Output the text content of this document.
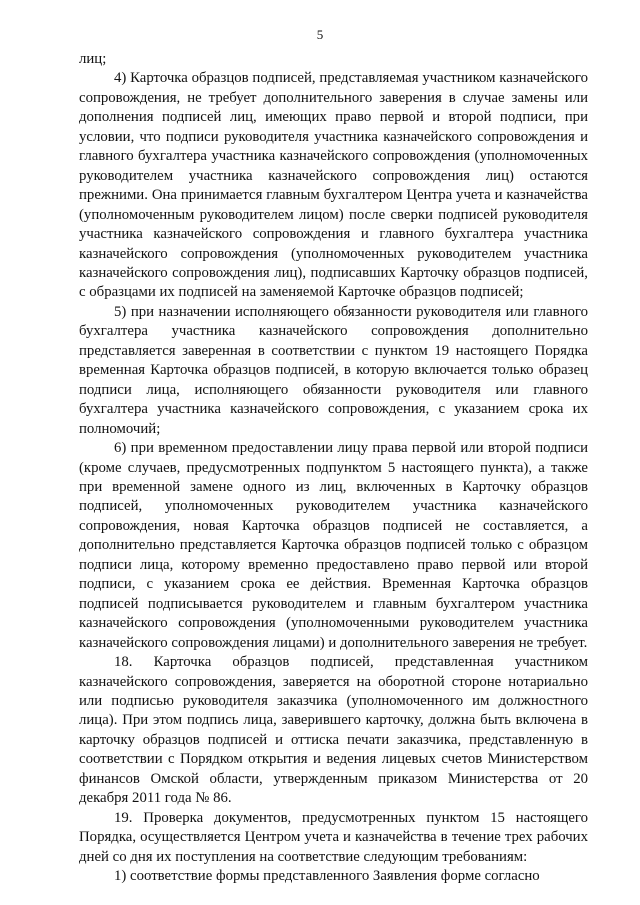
5

лиц;

4) Карточка образцов подписей, представляемая участником казначейского сопровождения, не требует дополнительного заверения в случае замены или дополнения подписей лиц, имеющих право первой и второй подписи, при условии, что подписи руководителя участника казначейского сопровождения и главного бухгалтера участника казначейского сопровождения (уполномоченных руководителем участника казначейского сопровождения лиц) остаются прежними. Она принимается главным бухгалтером Центра учета и казначейства (уполномоченным руководителем лицом) после сверки подписей руководителя участника казначейского сопровождения и главного бухгалтера участника казначейского сопровождения (уполномоченных руководителем участника казначейского сопровождения лиц), подписавших Карточку образцов подписей, с образцами их подписей на заменяемой Карточке образцов подписей;

5) при назначении исполняющего обязанности руководителя или главного бухгалтера участника казначейского сопровождения дополнительно представляется заверенная в соответствии с пунктом 19 настоящего Порядка временная Карточка образцов подписей, в которую включается только образец подписи лица, исполняющего обязанности руководителя или главного бухгалтера участника казначейского сопровождения, с указанием срока их полномочий;

6) при временном предоставлении лицу права первой или второй подписи (кроме случаев, предусмотренных подпунктом 5 настоящего пункта), а также при временной замене одного из лиц, включенных в Карточку образцов подписей, уполномоченных руководителем участника казначейского сопровождения, новая Карточка образцов подписей не составляется, а дополнительно представляется Карточка образцов подписей только с образцом подписи лица, которому временно предоставлено право первой или второй подписи, с указанием срока ее действия. Временная Карточка образцов подписей подписывается руководителем и главным бухгалтером участника казначейского сопровождения (уполномоченными руководителем участника казначейского сопровождения лицами) и дополнительного заверения не требует.

18. Карточка образцов подписей, представленная участником казначейского сопровождения, заверяется на оборотной стороне нотариально или подписью руководителя заказчика (уполномоченного им должностного лица). При этом подпись лица, заверившего карточку, должна быть включена в карточку образцов подписей и оттиска печати заказчика, представленную в соответствии с Порядком открытия и ведения лицевых счетов Министерством финансов Омской области, утвержденным приказом Министерства от 20 декабря 2011 года № 86.

19. Проверка документов, предусмотренных пунктом 15 настоящего Порядка, осуществляется Центром учета и казначейства в течение трех рабочих дней со дня их поступления на соответствие следующим требованиям:

1) соответствие формы представленного Заявления форме согласно
